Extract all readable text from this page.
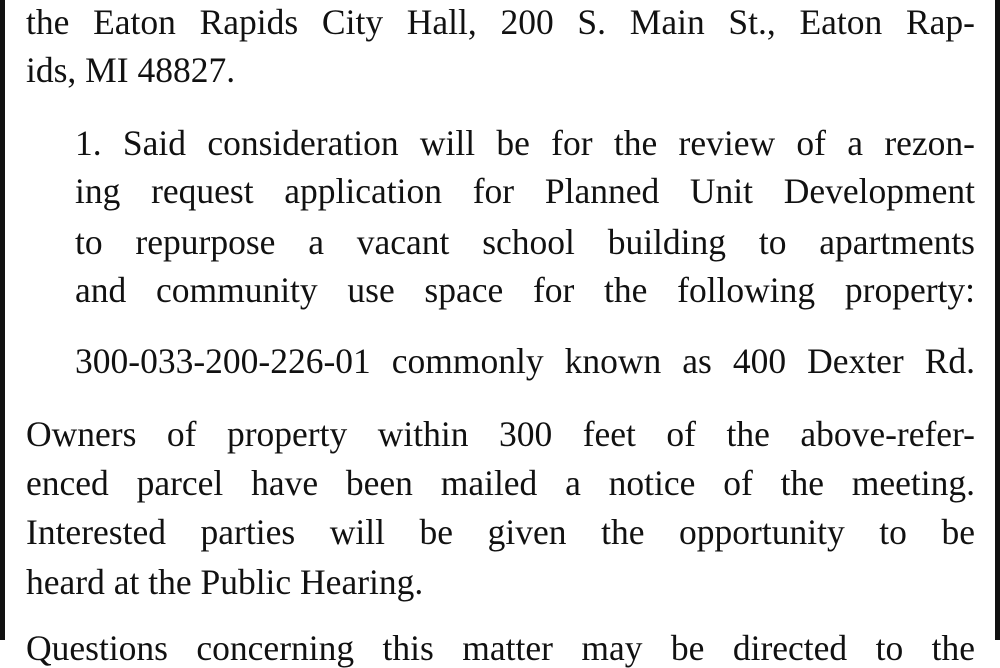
the Eaton Rapids City Hall, 200 S. Main St., Eaton Rap-

ids, MI 48827.

1. Said consideration will be for the review of a rezon-

ing request application for Planned Unit Development

to repurpose a vacant school building to apartments

and community use space for the following property:

300-033-200-226-01 commonly known as 400 Dexter Rd.

Owners of property within 300 feet of the above-refer-

enced parcel have been mailed a notice of the meeting.

Interested parties will be given the opportunity to be

heard at the Public Hearing.

Questions concerning this matter may be directed to the
